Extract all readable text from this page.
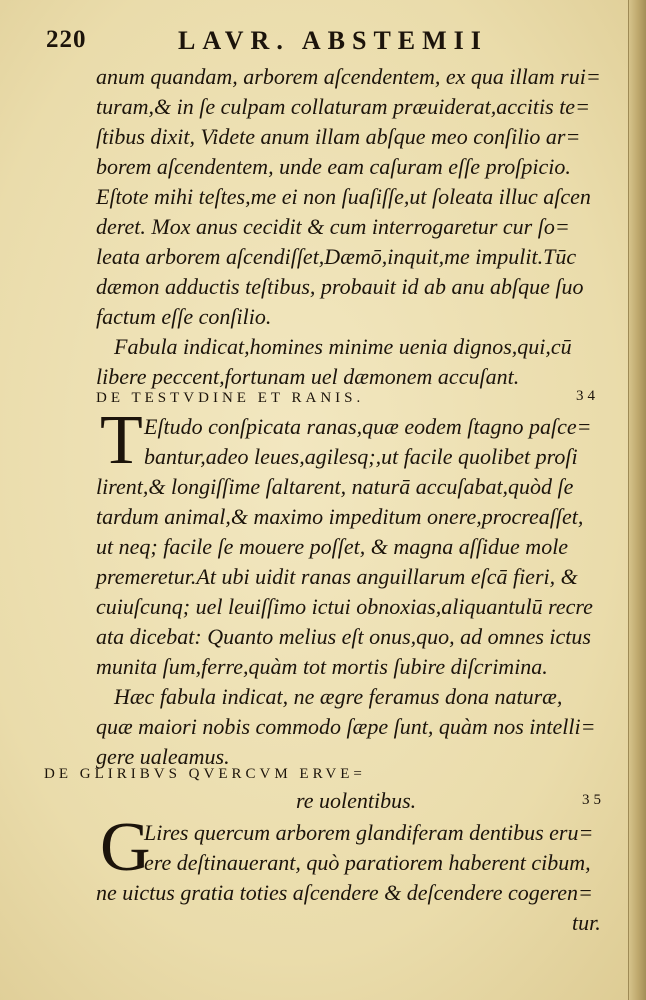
220	LAVR. ABSTEMII
anum quandam, arborem aſcendentem, ex qua illam rui=
turam,& in ſe culpam collaturam præuiderat,accitis te=
ſtibus dixit, Videte anum illam abſque meo conſilio ar=
borem aſcendentem, unde eam caſuram eſſe proſpicio.
Eſtote mihi teſtes,me ei non ſuaſiſſe,ut ſoleata illuc aſcen
deret. Mox anus cecidit & cum interrogaretur cur ſo=
leata arborem aſcendiſſet,Dæmō,inquit,me impulit.Tūc
dæmon adductis teſtibus, probauit id ab anu abſque ſuo
factum eſſe conſilio.
Fabula indicat,homines minime uenia dignos,qui,cū
libere peccent,fortunam uel dæmonem accuſant.
DE TESTVDINE ET RANIS.	34
T Eſtudo conſpicata ranas,quæ eodem ſtagno paſce=
bantur,adeo leues,agilesq;,ut facile quolibet proſi
lirent,& longiſſime ſaltarent, naturā accuſabat,quòd ſe
tardum animal,& maximo impeditum onere,procreaſſet,
ut neq; facile ſe mouere poſſet, & magna aſſidue mole
premeretur.At ubi uidit ranas anguillarum eſcā fieri, &
cuiuſcunq; uel leuiſſimo ictui obnoxias,aliquantulū recre
ata dicebat: Quanto melius eſt onus,quo, ad omnes ictus
munita ſum,ferre,quàm tot mortis ſubire diſcrimina.
Hæc fabula indicat, ne ægre feramus dona naturæ,
quæ maiori nobis commodo ſæpe ſunt, quàm nos intelli=
gere ualeamus.
DE GLIRIBVS QVERCVM ERVE=
re uolentibus.	35
G
Lires quercum arborem glandiferam dentibus eru=
ere deſtinauerant, quò paratiorem haberent cibum,
ne uictus gratia toties aſcendere & deſcendere cogeren=
tur.
